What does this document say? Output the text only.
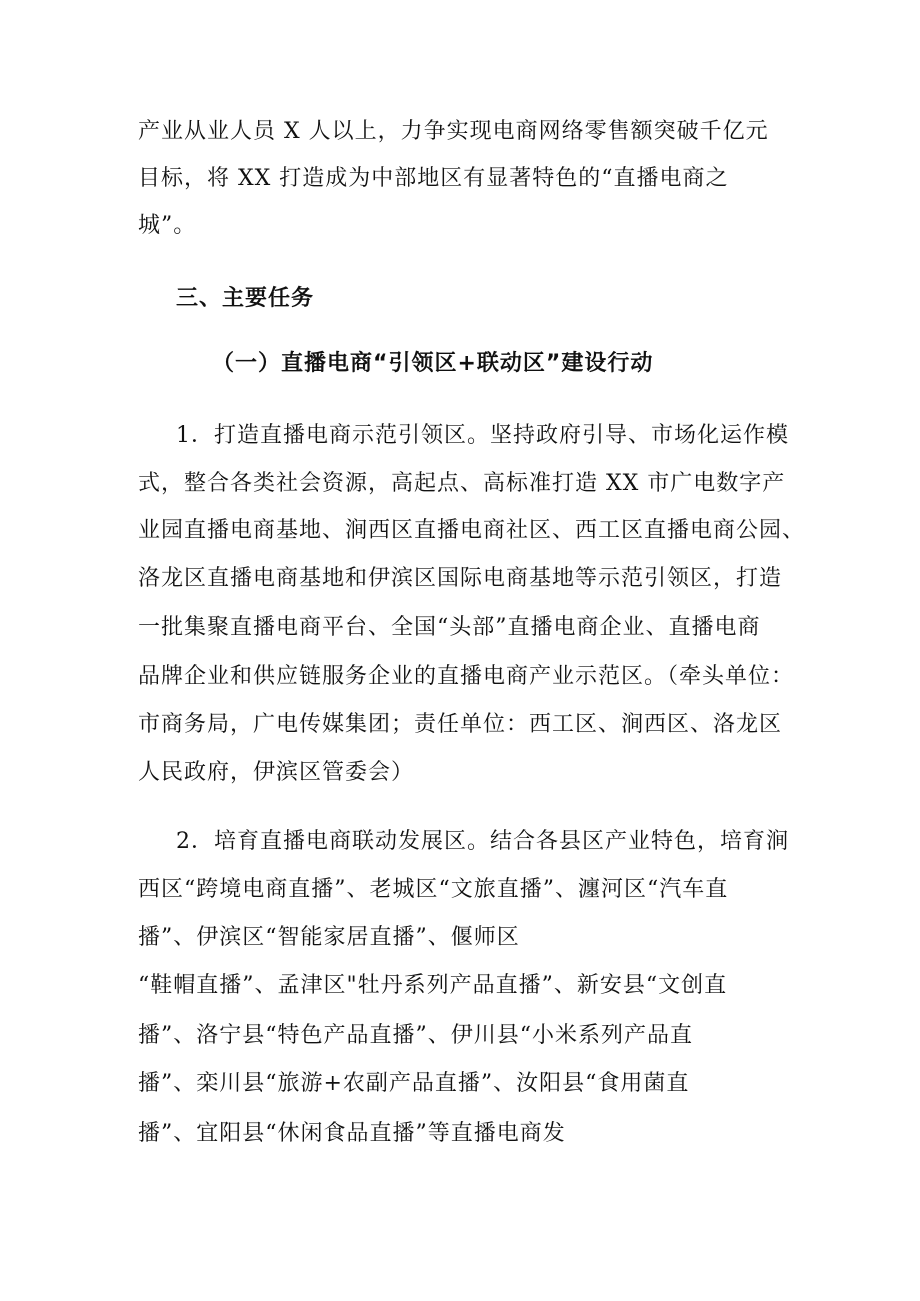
产业从业人员 X 人以上，力争实现电商网络零售额突破千亿元
目标，将 XX 打造成为中部地区有显著特色的“直播电商之
城”。
三、主要任务
（一）直播电商“引领区+联动区”建设行动
1．打造直播电商示范引领区。坚持政府引导、市场化运作模
式，整合各类社会资源，高起点、高标准打造 XX 市广电数字产
业园直播电商基地、涧西区直播电商社区、西工区直播电商公园、
洛龙区直播电商基地和伊滨区国际电商基地等示范引领区，打造
一批集聚直播电商平台、全国“头部”直播电商企业、直播电商
品牌企业和供应链服务企业的直播电商产业示范区。（牵头单位：
市商务局，广电传媒集团；责任单位：西工区、涧西区、洛龙区
人民政府，伊滨区管委会）
2．培育直播电商联动发展区。结合各县区产业特色，培育涧
西区“跨境电商直播”、老城区“文旅直播”、瀍河区“汽车直
播”、伊滨区“智能家居直播”、偃师区
“鞋帽直播”、孟津区"牡丹系列产品直播”、新安县“文创直
播”、洛宁县“特色产品直播”、伊川县“小米系列产品直
播”、栾川县“旅游+农副产品直播”、汝阳县“食用菌直
播”、宜阳县“休闲食品直播”等直播电商发
